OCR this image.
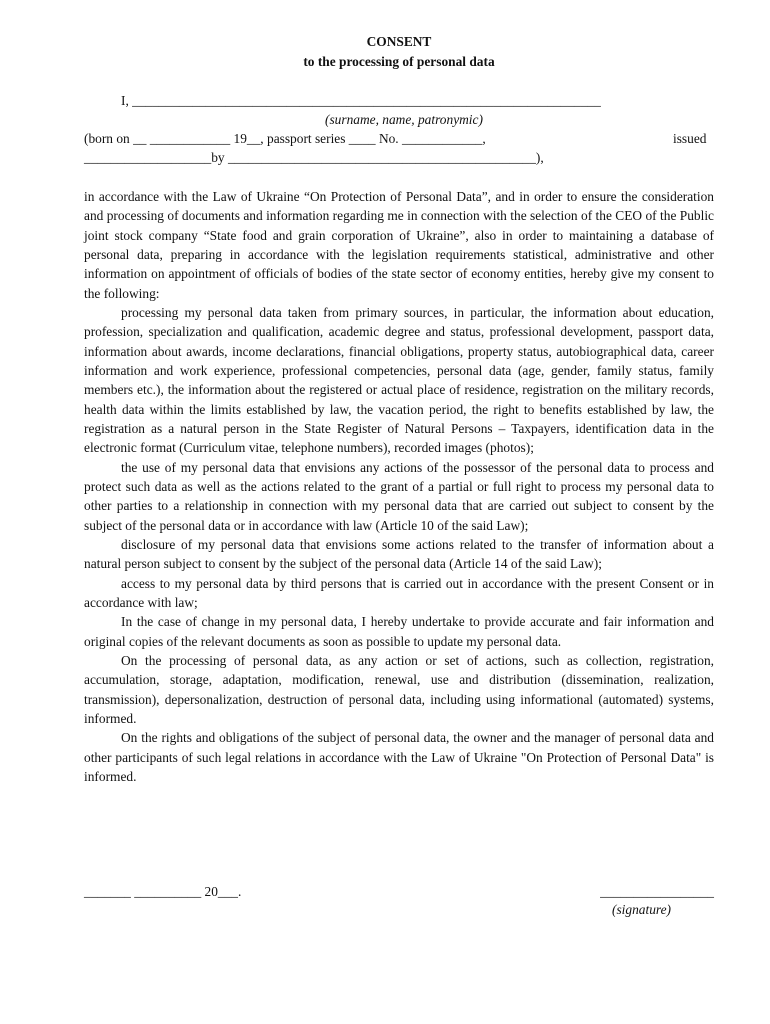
CONSENT
to the processing of personal data
I, ______________________________________________________________________
(surname, name, patronymic)
(born on __ ____________ 19__, passport series ____ No. ____________,	issued
___________________by ______________________________________________),

in accordance with the Law of Ukraine “On Protection of Personal Data”, and in order to ensure the consideration and processing of documents and information regarding me in connection with the selection of the CEO of the Public joint stock company “State food and grain corporation of Ukraine”, also in order to maintaining a database of personal data, preparing in accordance with the legislation requirements statistical, administrative and other information on appointment of officials of bodies of the state sector of economy entities, hereby give my consent to the following:

processing my personal data taken from primary sources, in particular, the information about education, profession, specialization and qualification, academic degree and status, professional development, passport data, information about awards, income declarations, financial obligations, property status, autobiographical data, career information and work experience, professional competencies, personal data (age, gender, family status, family members etc.), the information about the registered or actual place of residence, registration on the military records, health data within the limits established by law, the vacation period, the right to benefits established by law, the registration as a natural person in the State Register of Natural Persons – Taxpayers, identification data in the electronic format (Curriculum vitae, telephone numbers), recorded images (photos);

the use of my personal data that envisions any actions of the possessor of the personal data to process and protect such data as well as the actions related to the grant of a partial or full right to process my personal data to other parties to a relationship in connection with my personal data that are carried out subject to consent by the subject of the personal data or in accordance with law (Article 10 of the said Law);

disclosure of my personal data that envisions some actions related to the transfer of information about a natural person subject to consent by the subject of the personal data (Article 14 of the said Law);

access to my personal data by third persons that is carried out in accordance with the present Consent or in accordance with law;

In the case of change in my personal data, I hereby undertake to provide accurate and fair information and original copies of the relevant documents as soon as possible to update my personal data.

On the processing of personal data, as any action or set of actions, such as collection, registration, accumulation, storage, adaptation, modification, renewal, use and distribution (dissemination, realization, transmission), depersonalization, destruction of personal data, including using informational (automated) systems, informed.

On the rights and obligations of the subject of personal data, the owner and the manager of personal data and other participants of such legal relations in accordance with the Law of Ukraine "On Protection of Personal Data" is informed.

_______ __________ 20___.	_________________
(signature)
